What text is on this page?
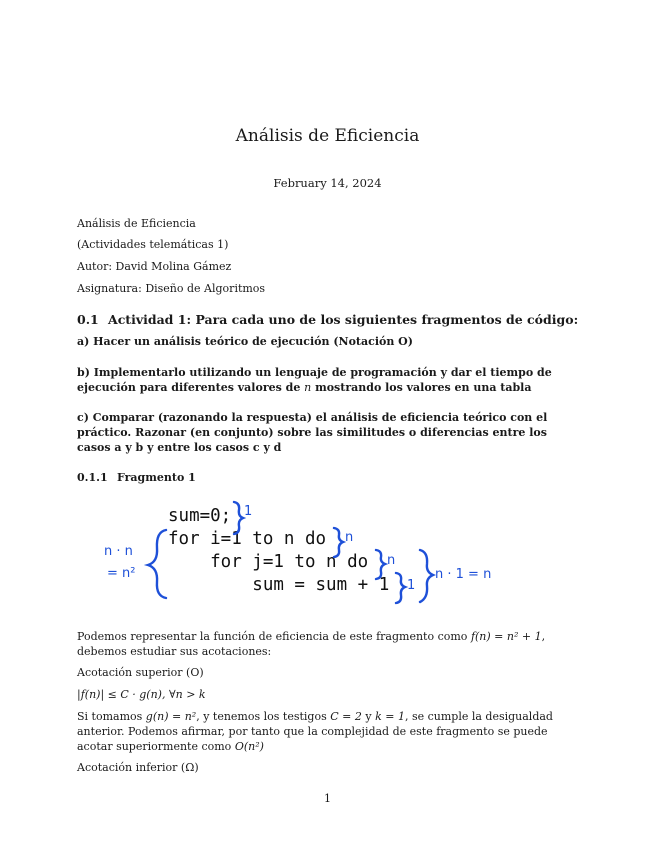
Análisis de Eficiencia
February 14, 2024
Análisis de Eficiencia
(Actividades telemáticas 1)
Autor: David Molina Gámez
Asignatura: Diseño de Algoritmos
0.1 Actividad 1: Para cada uno de los siguientes fragmentos de código:
a) Hacer un análisis teórico de ejecución (Notación O)
b) Implementarlo utilizando un lenguaje de programación y dar el tiempo de ejecución para diferentes valores de n mostrando los valores en una tabla
c) Comparar (razonando la respuesta) el análisis de eficiencia teórico con el práctico. Razonar (en conjunto) sobre las similitudes o diferencias entre los casos a y b y entre los casos c y d
0.1.1 Fragmento 1
sum=0;
for i=1 to n do
for j=1 to n do
sum = sum + 1
1
n
n
1
n · 1 = n
n · n
= n²
Podemos representar la función de eficiencia de este fragmento como f(n) = n² + 1, debemos estudiar sus acotaciones:
Acotación superior (O)
|f(n)| ≤ C · g(n), ∀n > k
Si tomamos g(n) = n², y tenemos los testigos C = 2 y k = 1, se cumple la desigualdad anterior. Podemos afirmar, por tanto que la complejidad de este fragmento se puede acotar superiormente como O(n²)
Acotación inferior (Ω)
1
